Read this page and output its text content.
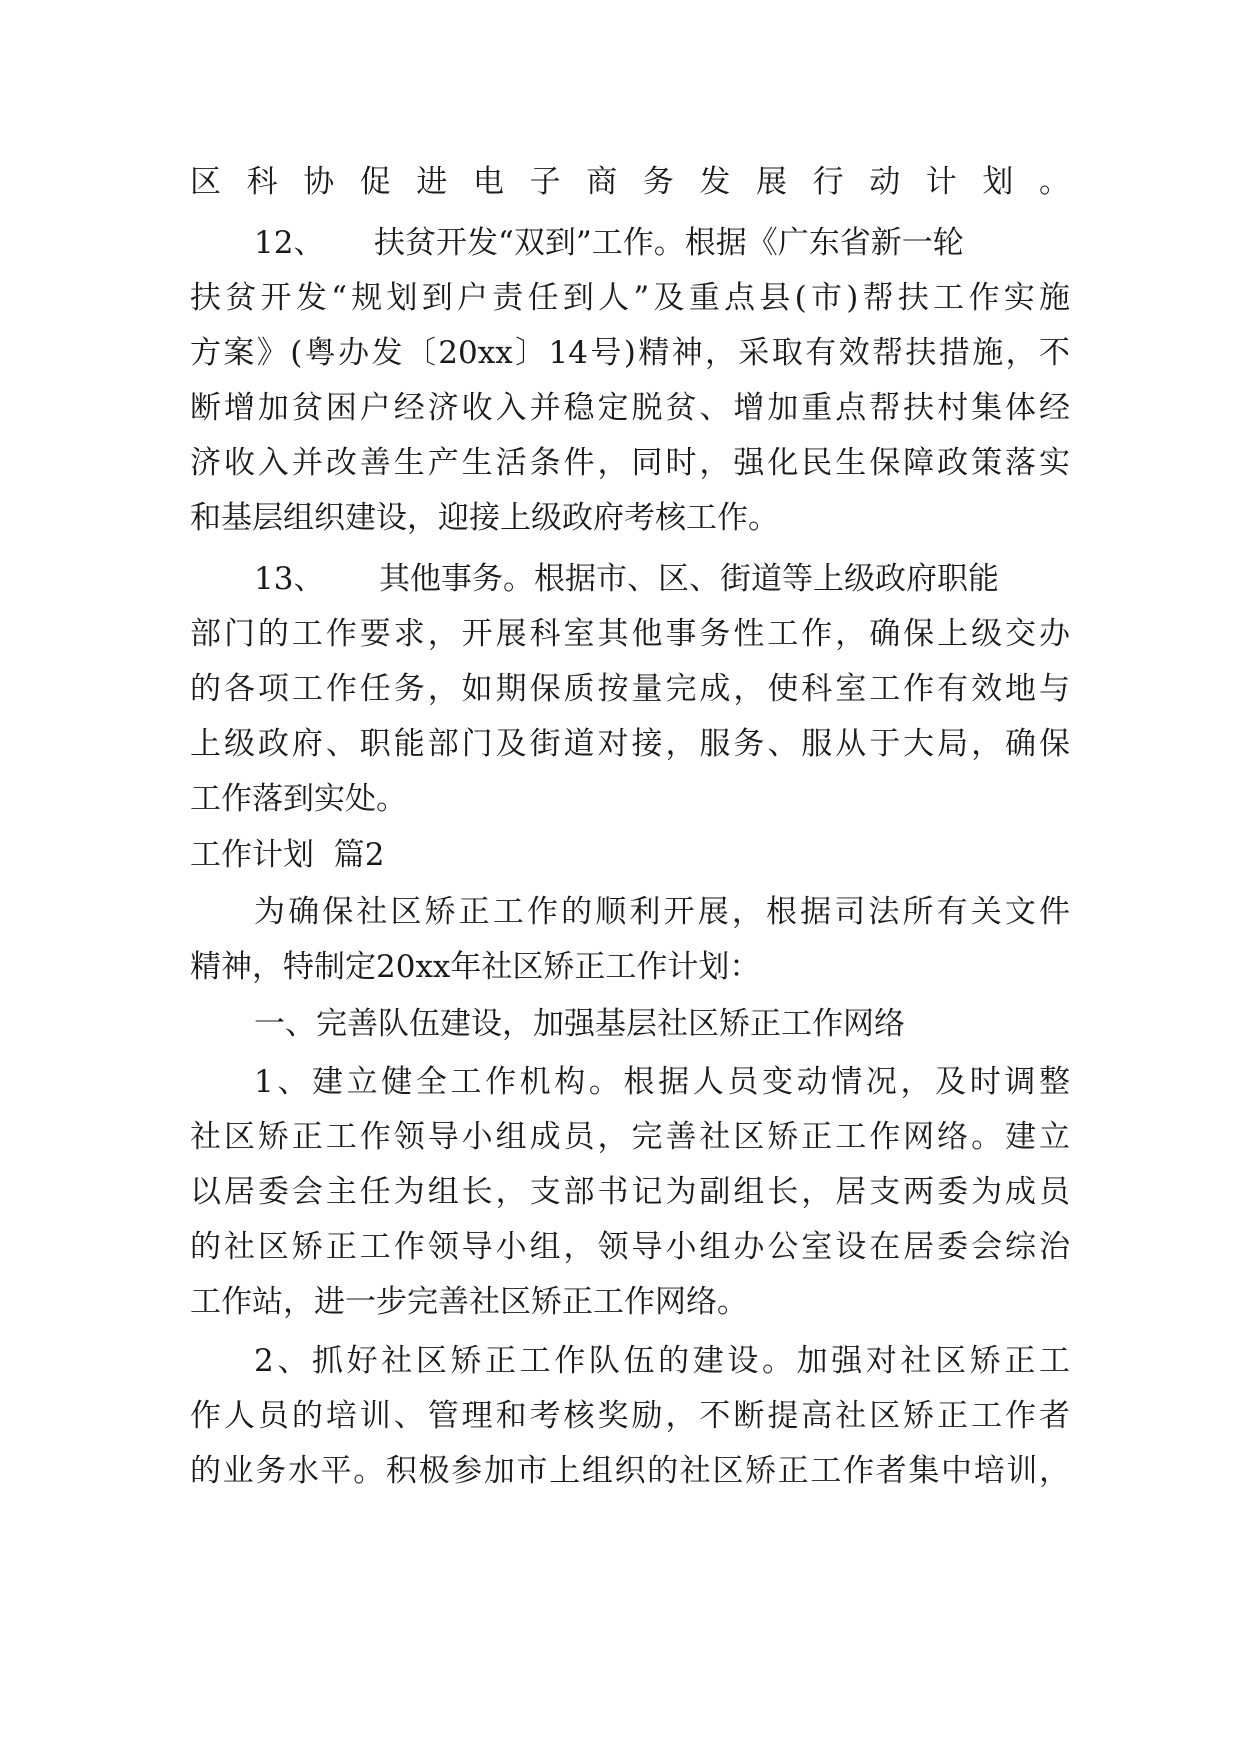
区科协促进电子商务发展行动计划。
12、 扶贫开发“双到”工作。根据《广东省新一轮
扶贫开发“规划到户责任到人”及重点县(市)帮扶工作实施
方案》(粤办发〔20xx〕14号)精神，采取有效帮扶措施，不
断增加贫困户经济收入并稳定脱贫、增加重点帮扶村集体经
济收入并改善生产生活条件，同时，强化民生保障政策落实
和基层组织建设，迎接上级政府考核工作。
13、 其他事务。根据市、区、街道等上级政府职能
部门的工作要求，开展科室其他事务性工作，确保上级交办
的各项工作任务，如期保质按量完成，使科室工作有效地与
上级政府、职能部门及街道对接，服务、服从于大局，确保
工作落到实处。
工作计划  篇2
为确保社区矫正工作的顺利开展，根据司法所有关文件
精神，特制定20xx年社区矫正工作计划：
一、完善队伍建设，加强基层社区矫正工作网络
1、建立健全工作机构。根据人员变动情况，及时调整
社区矫正工作领导小组成员，完善社区矫正工作网络。建立
以居委会主任为组长，支部书记为副组长，居支两委为成员
的社区矫正工作领导小组，领导小组办公室设在居委会综治
工作站，进一步完善社区矫正工作网络。
2、抓好社区矫正工作队伍的建设。加强对社区矫正工
作人员的培训、管理和考核奖励，不断提高社区矫正工作者
的业务水平。积极参加市上组织的社区矫正工作者集中培训，
